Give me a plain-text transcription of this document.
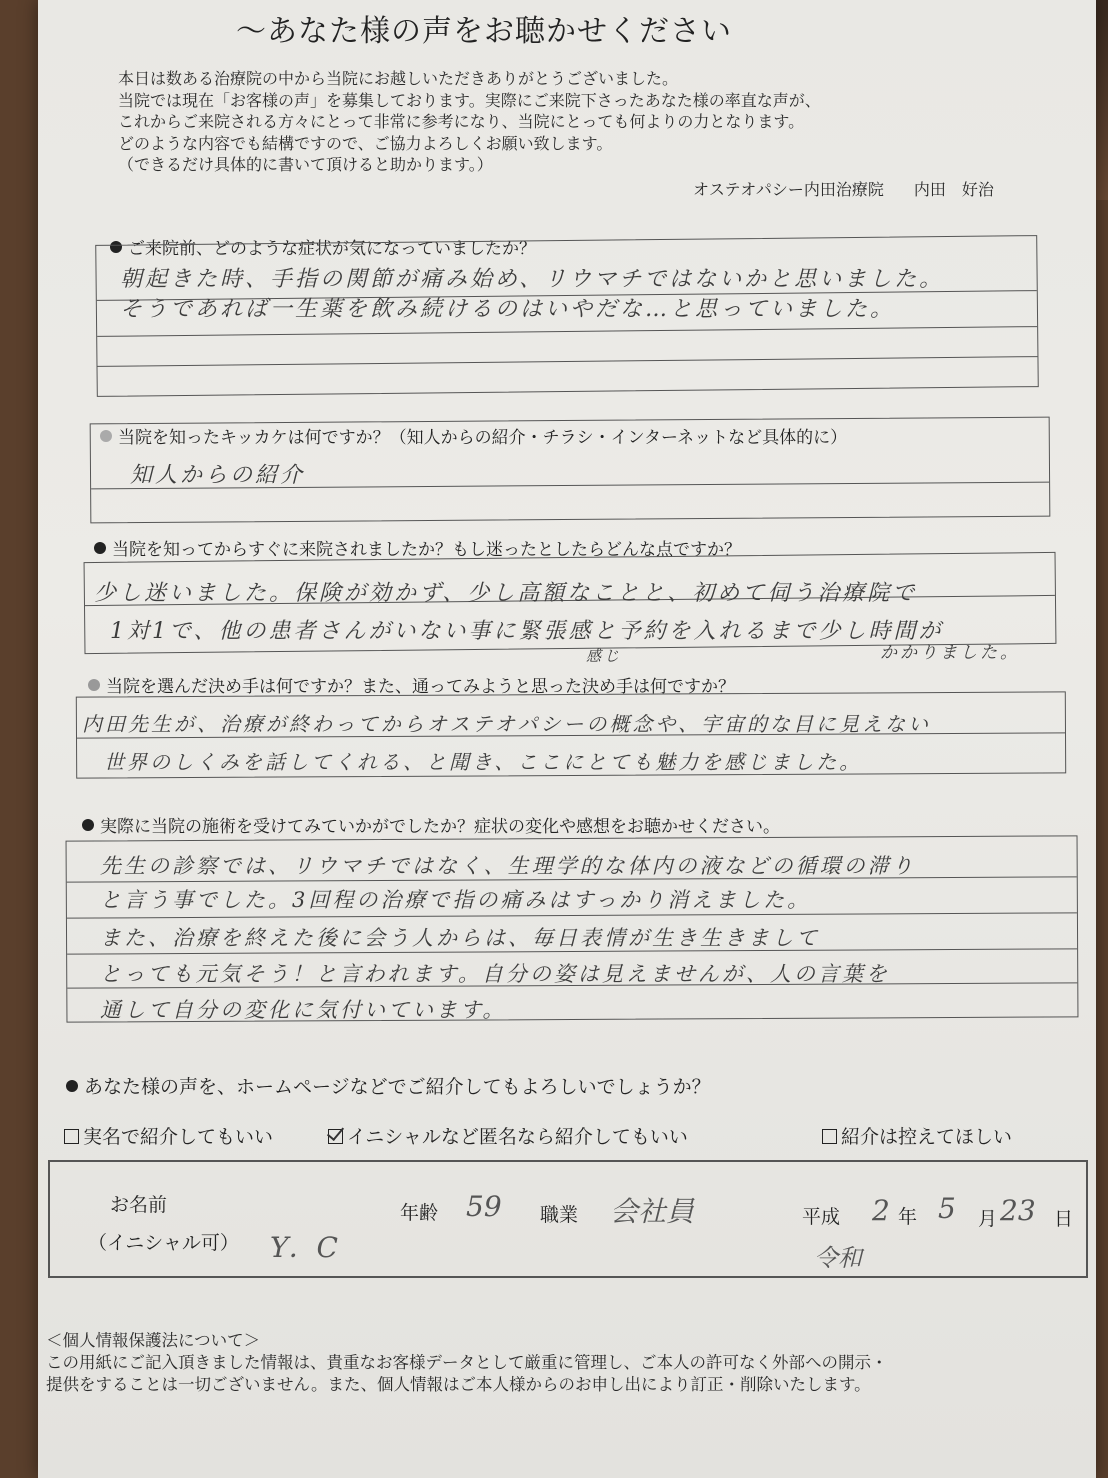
～あなた様の声をお聴かせください

本日は数ある治療院の中から当院にお越しいただきありがとうございました。

当院では現在「お客様の声」を募集しております。実際にご来院下さったあなた様の率直な声が、

これからご来院される方々にとって非常に参考になり、当院にとっても何よりの力となります。

どのような内容でも結構ですので、ご協力よろしくお願い致します。

（できるだけ具体的に書いて頂けると助かります。）

オステオパシー内田治療院 内田　好治
ご来院前、どのような症状が気になっていましたか？
朝起きた時、手指の関節が痛み始め、リウマチではないかと思いました。
そうであれば一生薬を飲み続けるのはいやだな…と思っていました。
当院を知ったキッカケは何ですか？（知人からの紹介・チラシ・インターネットなど具体的に）
知人からの紹介
当院を知ってからすぐに来院されましたか？もし迷ったとしたらどんな点ですか？
少し迷いました。保険が効かず、少し高額なことと、初めて伺う治療院で
1対1で、他の患者さんがいない事に緊張感と予約を入れるまで少し時間が
感じ	かかりました。
当院を選んだ決め手は何ですか？また、通ってみようと思った決め手は何ですか？
内田先生が、治療が終わってからオステオパシーの概念や、宇宙的な目に見えない
世界のしくみを話してくれる、と聞き、ここにとても魅力を感じました。
実際に当院の施術を受けてみていかがでしたか？症状の変化や感想をお聴かせください。
先生の診察では、リウマチではなく、生理学的な体内の液などの循環の滞り
と言う事でした。3回程の治療で指の痛みはすっかり消えました。
また、治療を終えた後に会う人からは、毎日表情が生き生きまして
とっても元気そう！と言われます。自分の姿は見えませんが、人の言葉を
通して自分の変化に気付いています。
あなた様の声を、ホームページなどでご紹介してもよろしいでしょうか？
実名で紹介してもいい	イニシャルなど匿名なら紹介してもいい	紹介は控えてほしい
お名前
（イニシャル可） Y．C
年齢 59 職業 会社員	平成
令和
2 年 5 月 23 日

＜個人情報保護法について＞

この用紙にご記入頂きました情報は、貴重なお客様データとして厳重に管理し、ご本人の許可なく外部への開示・

提供をすることは一切ございません。また、個人情報はご本人様からのお申し出により訂正・削除いたします。
